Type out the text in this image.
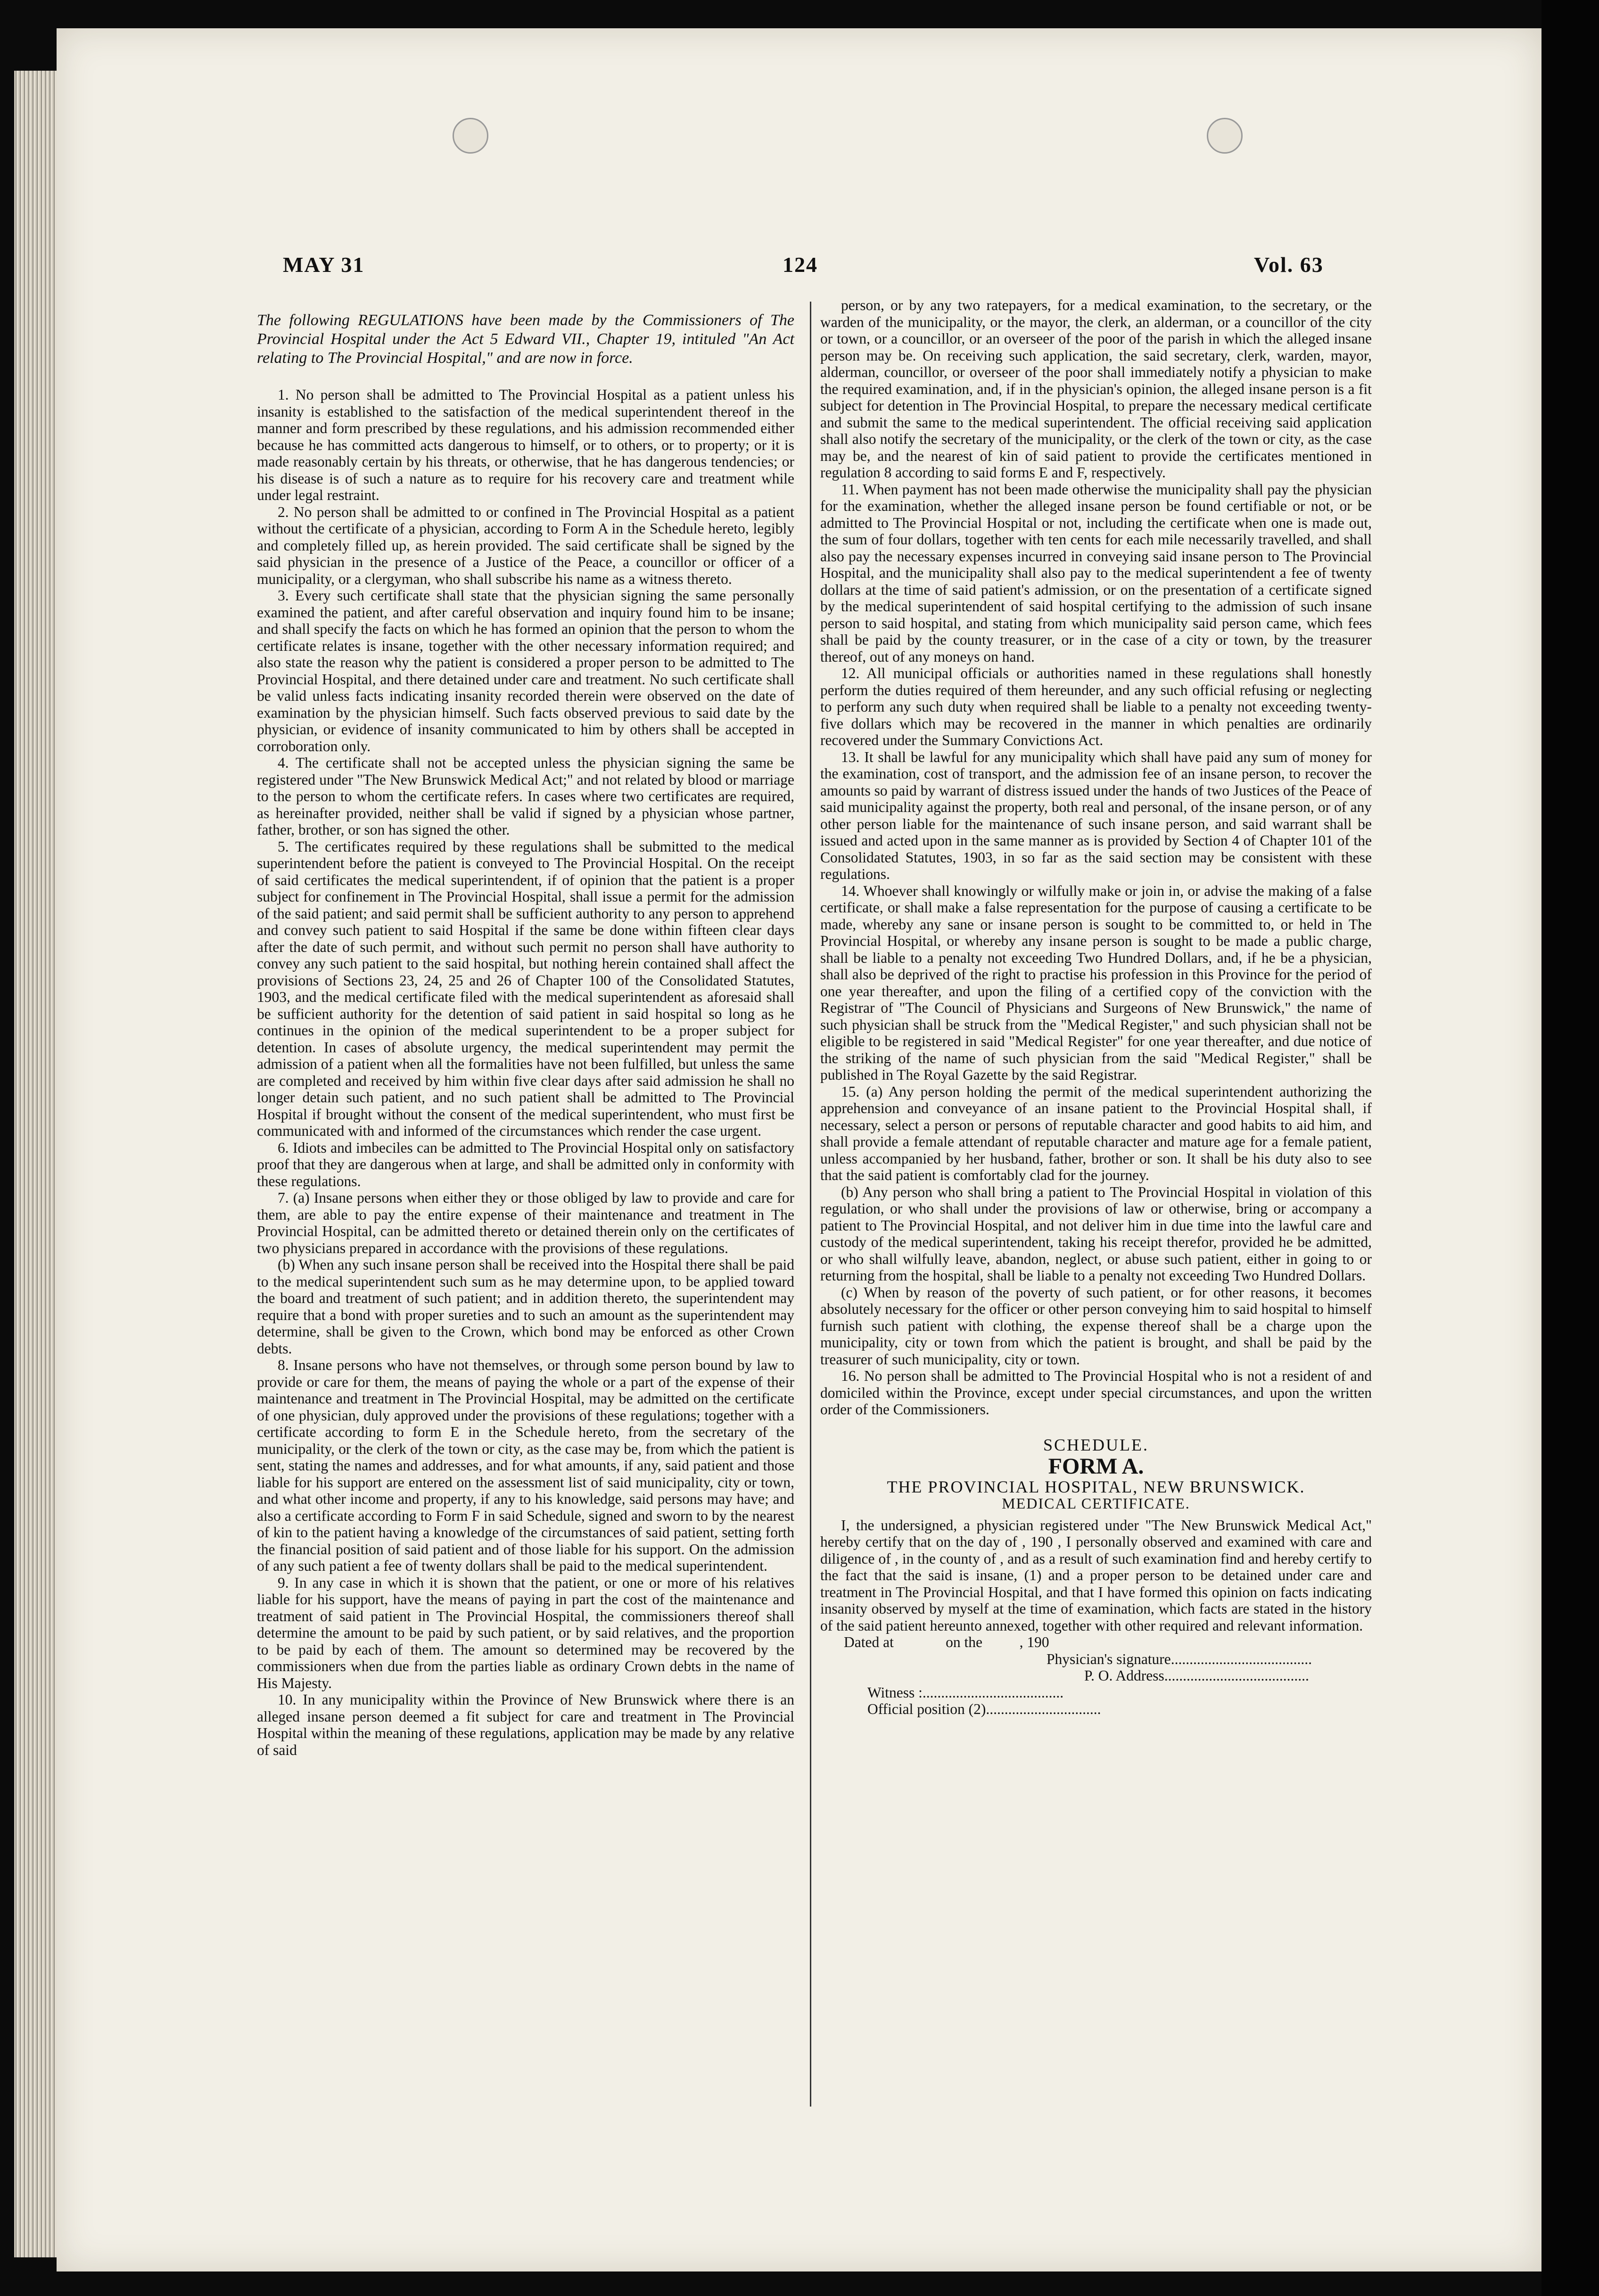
MAY 31	124	Vol. 63

The following REGULATIONS have been made by the Commissioners of The Provincial Hospital under the Act 5 Edward VII., Chapter 19, intituled "An Act relating to The Provincial Hospital," and are now in force.

1. No person shall be admitted to The Provincial Hospital as a patient unless his insanity is established to the satisfaction of the medical superintendent thereof in the manner and form prescribed by these regulations, and his admission recommended either because he has committed acts dangerous to himself, or to others, or to property; or it is made reasonably certain by his threats, or otherwise, that he has dangerous tendencies; or his disease is of such a nature as to require for his recovery care and treatment while under legal restraint.

2. No person shall be admitted to or confined in The Provincial Hospital as a patient without the certificate of a physician, according to Form A in the Schedule hereto, legibly and completely filled up, as herein provided. The said certificate shall be signed by the said physician in the presence of a Justice of the Peace, a councillor or officer of a municipality, or a clergyman, who shall subscribe his name as a witness thereto.

3. Every such certificate shall state that the physician signing the same personally examined the patient, and after careful observation and inquiry found him to be insane; and shall specify the facts on which he has formed an opinion that the person to whom the certificate relates is insane, together with the other necessary information required; and also state the reason why the patient is considered a proper person to be admitted to The Provincial Hospital, and there detained under care and treatment. No such certificate shall be valid unless facts indicating insanity recorded therein were observed on the date of examination by the physician himself. Such facts observed previous to said date by the physician, or evidence of insanity communicated to him by others shall be accepted in corroboration only.

4. The certificate shall not be accepted unless the physician signing the same be registered under "The New Brunswick Medical Act;" and not related by blood or marriage to the person to whom the certificate refers. In cases where two certificates are required, as hereinafter provided, neither shall be valid if signed by a physician whose partner, father, brother, or son has signed the other.

5. The certificates required by these regulations shall be submitted to the medical superintendent before the patient is conveyed to The Provincial Hospital. On the receipt of said certificates the medical superintendent, if of opinion that the patient is a proper subject for confinement in The Provincial Hospital, shall issue a permit for the admission of the said patient; and said permit shall be sufficient authority to any person to apprehend and convey such patient to said Hospital if the same be done within fifteen clear days after the date of such permit, and without such permit no person shall have authority to convey any such patient to the said hospital, but nothing herein contained shall affect the provisions of Sections 23, 24, 25 and 26 of Chapter 100 of the Consolidated Statutes, 1903, and the medical certificate filed with the medical superintendent as aforesaid shall be sufficient authority for the detention of said patient in said hospital so long as he continues in the opinion of the medical superintendent to be a proper subject for detention. In cases of absolute urgency, the medical superintendent may permit the admission of a patient when all the formalities have not been fulfilled, but unless the same are completed and received by him within five clear days after said admission he shall no longer detain such patient, and no such patient shall be admitted to The Provincial Hospital if brought without the consent of the medical superintendent, who must first be communicated with and informed of the circumstances which render the case urgent.

6. Idiots and imbeciles can be admitted to The Provincial Hospital only on satisfactory proof that they are dangerous when at large, and shall be admitted only in conformity with these regulations.

7. (a) Insane persons when either they or those obliged by law to provide and care for them, are able to pay the entire expense of their maintenance and treatment in The Provincial Hospital, can be admitted thereto or detained therein only on the certificates of two physicians prepared in accordance with the provisions of these regulations.

(b) When any such insane person shall be received into the Hospital there shall be paid to the medical superintendent such sum as he may determine upon, to be applied toward the board and treatment of such patient; and in addition thereto, the superintendent may require that a bond with proper sureties and to such an amount as the superintendent may determine, shall be given to the Crown, which bond may be enforced as other Crown debts.

8. Insane persons who have not themselves, or through some person bound by law to provide or care for them, the means of paying the whole or a part of the expense of their maintenance and treatment in The Provincial Hospital, may be admitted on the certificate of one physician, duly approved under the provisions of these regulations; together with a certificate according to form E in the Schedule hereto, from the secretary of the municipality, or the clerk of the town or city, as the case may be, from which the patient is sent, stating the names and addresses, and for what amounts, if any, said patient and those liable for his support are entered on the assessment list of said municipality, city or town, and what other income and property, if any to his knowledge, said persons may have; and also a certificate according to Form F in said Schedule, signed and sworn to by the nearest of kin to the patient having a knowledge of the circumstances of said patient, setting forth the financial position of said patient and of those liable for his support. On the admission of any such patient a fee of twenty dollars shall be paid to the medical superintendent.

9. In any case in which it is shown that the patient, or one or more of his relatives liable for his support, have the means of paying in part the cost of the maintenance and treatment of said patient in The Provincial Hospital, the commissioners thereof shall determine the amount to be paid by such patient, or by said relatives, and the proportion to be paid by each of them. The amount so determined may be recovered by the commissioners when due from the parties liable as ordinary Crown debts in the name of His Majesty.

10. In any municipality within the Province of New Brunswick where there is an alleged insane person deemed a fit subject for care and treatment in The Provincial Hospital within the meaning of these regulations, application may be made by any relative of said

person, or by any two ratepayers, for a medical examination, to the secretary, or the warden of the municipality, or the mayor, the clerk, an alderman, or a councillor of the city or town, or a councillor, or an overseer of the poor of the parish in which the alleged insane person may be. On receiving such application, the said secretary, clerk, warden, mayor, alderman, councillor, or overseer of the poor shall immediately notify a physician to make the required examination, and, if in the physician's opinion, the alleged insane person is a fit subject for detention in The Provincial Hospital, to prepare the necessary medical certificate and submit the same to the medical superintendent. The official receiving said application shall also notify the secretary of the municipality, or the clerk of the town or city, as the case may be, and the nearest of kin of said patient to provide the certificates mentioned in regulation 8 according to said forms E and F, respectively.

11. When payment has not been made otherwise the municipality shall pay the physician for the examination, whether the alleged insane person be found certifiable or not, or be admitted to The Provincial Hospital or not, including the certificate when one is made out, the sum of four dollars, together with ten cents for each mile necessarily travelled, and shall also pay the necessary expenses incurred in conveying said insane person to The Provincial Hospital, and the municipality shall also pay to the medical superintendent a fee of twenty dollars at the time of said patient's admission, or on the presentation of a certificate signed by the medical superintendent of said hospital certifying to the admission of such insane person to said hospital, and stating from which municipality said person came, which fees shall be paid by the county treasurer, or in the case of a city or town, by the treasurer thereof, out of any moneys on hand.

12. All municipal officials or authorities named in these regulations shall honestly perform the duties required of them hereunder, and any such official refusing or neglecting to perform any such duty when required shall be liable to a penalty not exceeding twenty-five dollars which may be recovered in the manner in which penalties are ordinarily recovered under the Summary Convictions Act.

13. It shall be lawful for any municipality which shall have paid any sum of money for the examination, cost of transport, and the admission fee of an insane person, to recover the amounts so paid by warrant of distress issued under the hands of two Justices of the Peace of said municipality against the property, both real and personal, of the insane person, or of any other person liable for the maintenance of such insane person, and said warrant shall be issued and acted upon in the same manner as is provided by Section 4 of Chapter 101 of the Consolidated Statutes, 1903, in so far as the said section may be consistent with these regulations.

14. Whoever shall knowingly or wilfully make or join in, or advise the making of a false certificate, or shall make a false representation for the purpose of causing a certificate to be made, whereby any sane or insane person is sought to be committed to, or held in The Provincial Hospital, or whereby any insane person is sought to be made a public charge, shall be liable to a penalty not exceeding Two Hundred Dollars, and, if he be a physician, shall also be deprived of the right to practise his profession in this Province for the period of one year thereafter, and upon the filing of a certified copy of the conviction with the Registrar of "The Council of Physicians and Surgeons of New Brunswick," the name of such physician shall be struck from the "Medical Register," and such physician shall not be eligible to be registered in said "Medical Register" for one year thereafter, and due notice of the striking of the name of such physician from the said "Medical Register," shall be published in The Royal Gazette by the said Registrar.

15. (a) Any person holding the permit of the medical superintendent authorizing the apprehension and conveyance of an insane patient to the Provincial Hospital shall, if necessary, select a person or persons of reputable character and good habits to aid him, and shall provide a female attendant of reputable character and mature age for a female patient, unless accompanied by her husband, father, brother or son. It shall be his duty also to see that the said patient is comfortably clad for the journey.

(b) Any person who shall bring a patient to The Provincial Hospital in violation of this regulation, or who shall under the provisions of law or otherwise, bring or accompany a patient to The Provincial Hospital, and not deliver him in due time into the lawful care and custody of the medical superintendent, taking his receipt therefor, provided he be admitted, or who shall wilfully leave, abandon, neglect, or abuse such patient, either in going to or returning from the hospital, shall be liable to a penalty not exceeding Two Hundred Dollars.

(c) When by reason of the poverty of such patient, or for other reasons, it becomes absolutely necessary for the officer or other person conveying him to said hospital to himself furnish such patient with clothing, the expense thereof shall be a charge upon the municipality, city or town from which the patient is brought, and shall be paid by the treasurer of such municipality, city or town.

16. No person shall be admitted to The Provincial Hospital who is not a resident of and domiciled within the Province, except under special circumstances, and upon the written order of the Commissioners.

SCHEDULE.

FORM A.

THE PROVINCIAL HOSPITAL, NEW BRUNSWICK.

MEDICAL CERTIFICATE.

I, the undersigned, a physician registered under "The New Brunswick Medical Act," hereby certify that on the day of , 190 , I personally observed and examined with care and diligence of , in the county of , and as a result of such examination find and hereby certify to the fact that the said is insane, (1) and a proper person to be detained under care and treatment in The Provincial Hospital, and that I have formed this opinion on facts indicating insanity observed by myself at the time of examination, which facts are stated in the history of the said patient hereunto annexed, together with other required and relevant information.

Dated at              on the          , 190

Physician's signature......................................

P. O. Address.......................................

Witness :......................................

Official position (2)...............................
